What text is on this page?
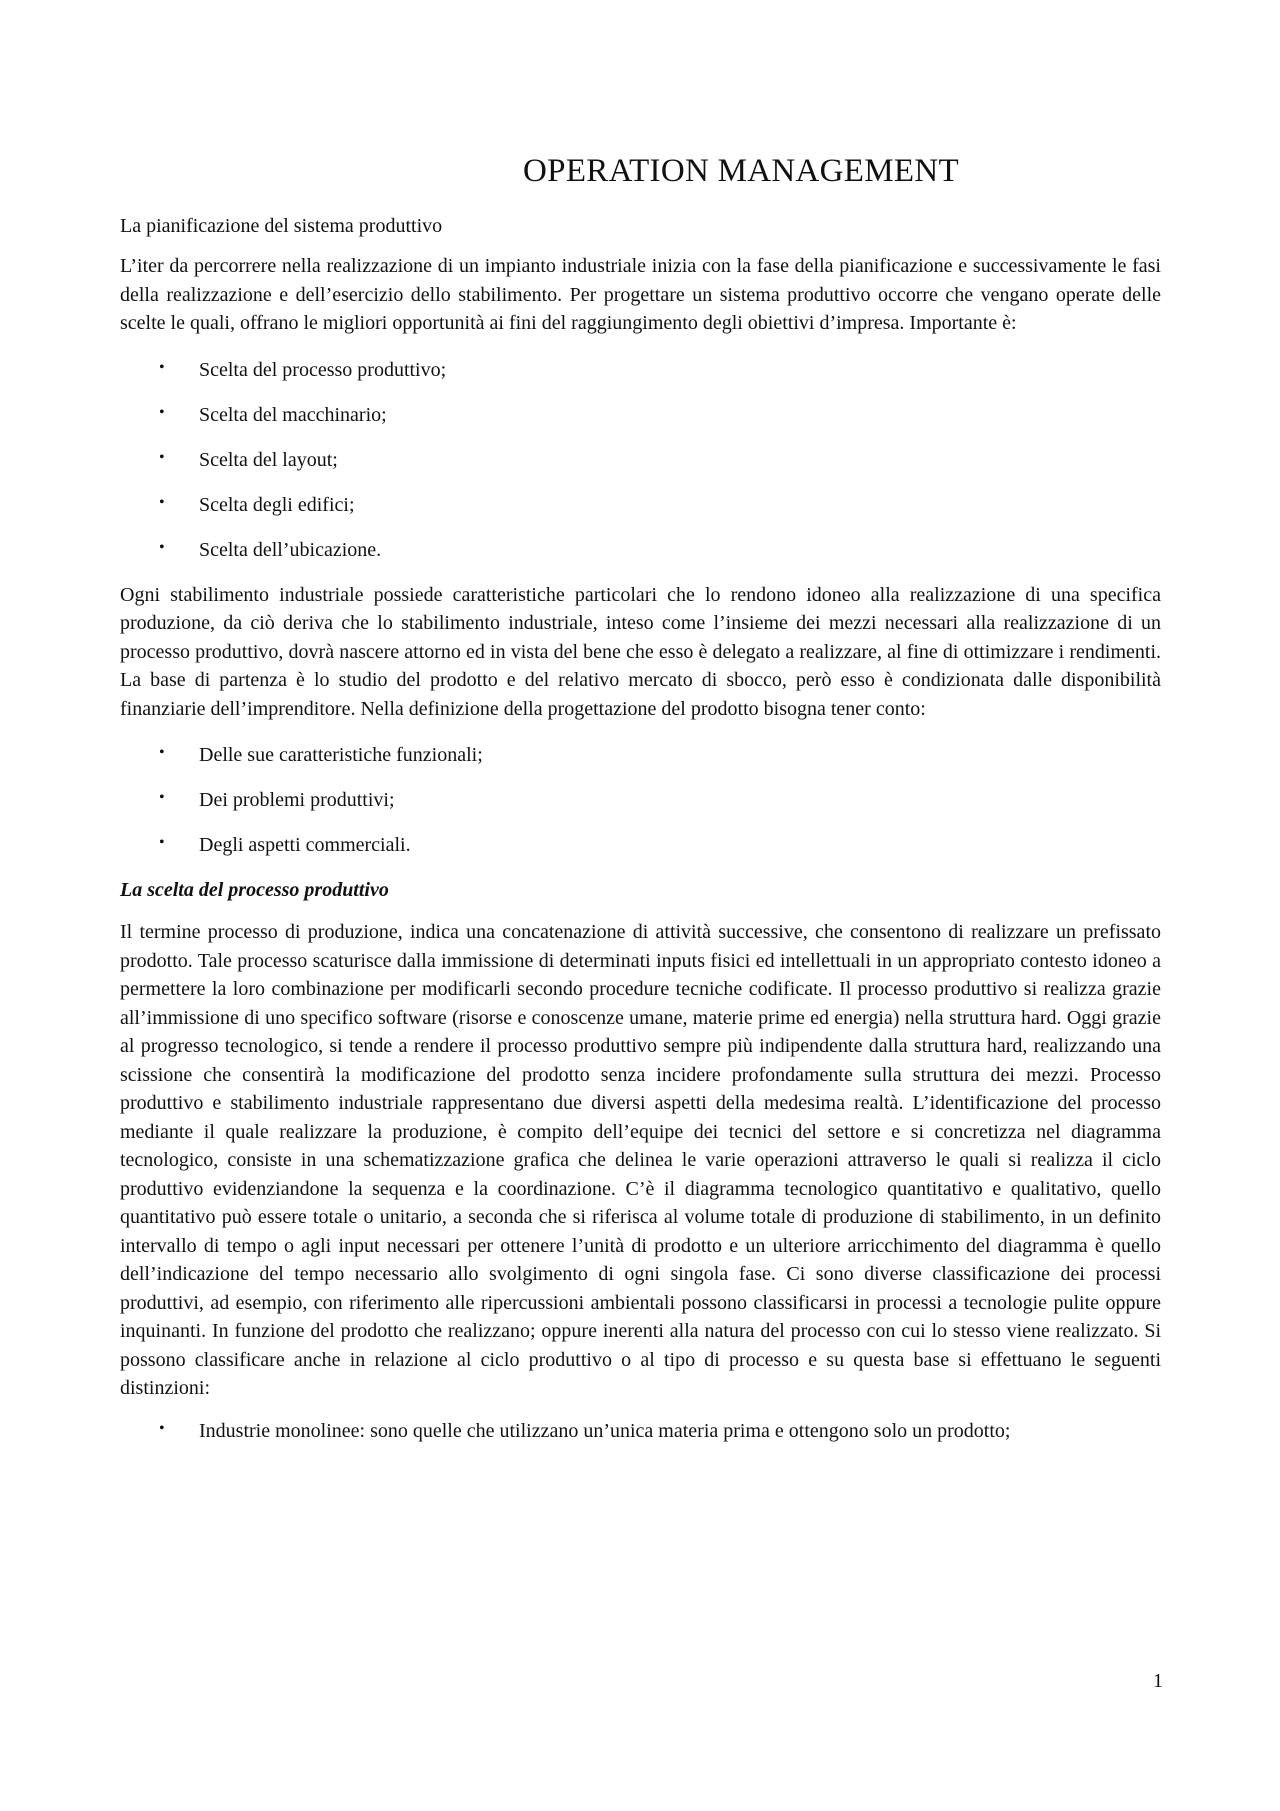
OPERATION MANAGEMENT

La pianificazione del sistema produttivo

L’iter da percorrere nella realizzazione di un impianto industriale inizia con la fase della pianificazione e successivamente le fasi della realizzazione e dell’esercizio dello stabilimento. Per progettare un sistema produttivo occorre che vengano operate delle scelte le quali, offrano le migliori opportunità ai fini del raggiungimento degli obiettivi d’impresa. Importante è:

• Scelta del processo produttivo;
• Scelta del macchinario;
• Scelta del layout;
• Scelta degli edifici;
• Scelta dell’ubicazione.

Ogni stabilimento industriale possiede caratteristiche particolari che lo rendono idoneo alla realizzazione di una specifica produzione, da ciò deriva che lo stabilimento industriale, inteso come l’insieme dei mezzi necessari alla realizzazione di un processo produttivo, dovrà nascere attorno ed in vista del bene che esso è delegato a realizzare, al fine di ottimizzare i rendimenti. La base di partenza è lo studio del prodotto e del relativo mercato di sbocco, però esso è condizionata dalle disponibilità finanziarie dell’imprenditore. Nella definizione della progettazione del prodotto bisogna tener conto:

• Delle sue caratteristiche funzionali;
• Dei problemi produttivi;
• Degli aspetti commerciali.

La scelta del processo produttivo

Il termine processo di produzione, indica una concatenazione di attività successive, che consentono di realizzare un prefissato prodotto. Tale processo scaturisce dalla immissione di determinati inputs fisici ed intellettuali in un appropriato contesto idoneo a permettere la loro combinazione per modificarli secondo procedure tecniche codificate. Il processo produttivo si realizza grazie all’immissione di uno specifico software (risorse e conoscenze umane, materie prime ed energia) nella struttura hard. Oggi grazie al progresso tecnologico, si tende a rendere il processo produttivo sempre più indipendente dalla struttura hard, realizzando una scissione che consentirà la modificazione del prodotto senza incidere profondamente sulla struttura dei mezzi. Processo produttivo e stabilimento industriale rappresentano due diversi aspetti della medesima realtà. L’identificazione del processo mediante il quale realizzare la produzione, è compito dell’equipe dei tecnici del settore e si concretizza nel diagramma tecnologico, consiste in una schematizzazione grafica che delinea le varie operazioni attraverso le quali si realizza il ciclo produttivo evidenziandone la sequenza e la coordinazione. C’è il diagramma tecnologico quantitativo e qualitativo, quello quantitativo può essere totale o unitario, a seconda che si riferisca al volume totale di produzione di stabilimento, in un definito intervallo di tempo o agli input necessari per ottenere l’unità di prodotto e un ulteriore arricchimento del diagramma è quello dell’indicazione del tempo necessario allo svolgimento di ogni singola fase. Ci sono diverse classificazione dei processi produttivi, ad esempio, con riferimento alle ripercussioni ambientali possono classificarsi in processi a tecnologie pulite oppure inquinanti. In funzione del prodotto che realizzano; oppure inerenti alla natura del processo con cui lo stesso viene realizzato. Si possono classificare anche in relazione al ciclo produttivo o al tipo di processo e su questa base si effettuano le seguenti distinzioni:

• Industrie monolinee: sono quelle che utilizzano un’unica materia prima e ottengono solo un prodotto;
1
